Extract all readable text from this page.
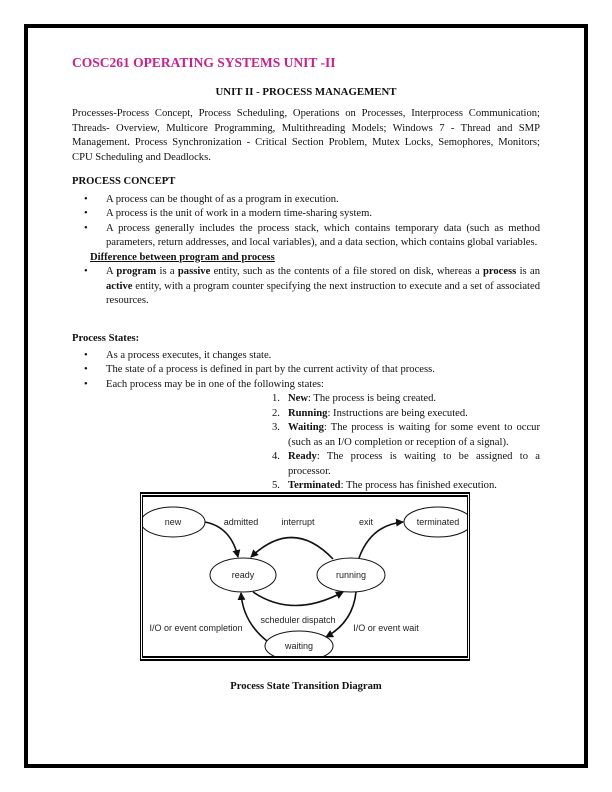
COSC261 OPERATING SYSTEMS UNIT -II
UNIT II - PROCESS MANAGEMENT
Processes-Process Concept, Process Scheduling, Operations on Processes, Interprocess Communication; Threads- Overview, Multicore Programming, Multithreading Models; Windows 7 - Thread and SMP Management. Process Synchronization - Critical Section Problem, Mutex Locks, Semophores, Monitors; CPU Scheduling and Deadlocks.
PROCESS CONCEPT
• A process can be thought of as a program in execution.
• A process is the unit of work in a modern time-sharing system.
• A process generally includes the process stack, which contains temporary data (such as method parameters, return addresses, and local variables), and a data section, which contains global variables.
Difference between program and process
• A program is a passive entity, such as the contents of a file stored on disk, whereas a process is an active entity, with a program counter specifying the next instruction to execute and a set of associated resources.
Process States:
• As a process executes, it changes state.
• The state of a process is defined in part by the current activity of that process.
• Each process may be in one of the following states:
1. New: The process is being created.
2. Running: Instructions are being executed.
3. Waiting: The process is waiting for some event to occur (such as an I/O completion or reception of a signal).
4. Ready: The process is waiting to be assigned to a processor.
5. Terminated: The process has finished execution.
new	terminated
ready	running
waiting
admitted	interrupt	exit
scheduler dispatch
I/O or event completion	I/O or event wait
Process State Transition Diagram
